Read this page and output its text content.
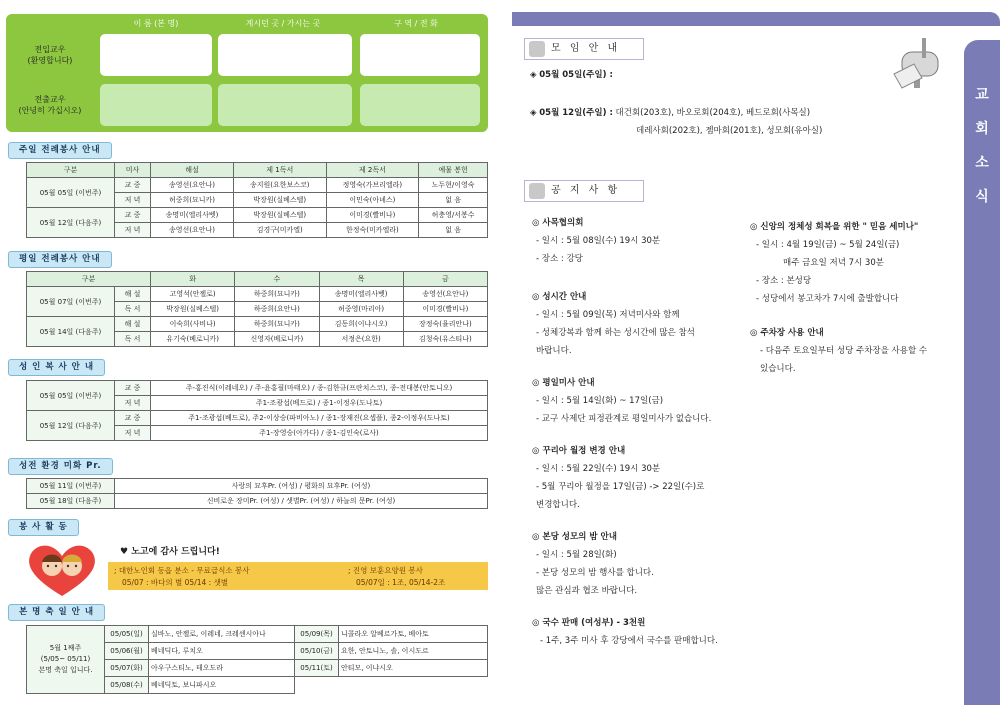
이 름 (본 명)	계시던 곳 / 가시는 곳	구 역 / 전 화
전입교우
(환영합니다)
전출교우
(안녕히 가십시오)
주일 전례봉사 안내
구분	미사	해설	제 1독서	제 2독서	예물 봉헌
05월 05일 (이번주)	교 중	송영선(요안나)	송지원(요한보스코)	정영숙(가브리엘라)	노두현/이영숙
	저 녁	허중희(묘니카)	박장원(실베스텔)	이민숙(아녜스)	없 음
05월 12일 (다음주)	교 중	송명미(엘리사벳)	박장원(실베스텔)	이미경(빨비나)	허충영/서봉수
	저 녁	송영선(요안나)	김경구(미카엘)	한정숙(미카엘라)	없 음
평일 전례봉사 안내
구분		화	수	목	금
05월 07일 (이번주)	해 설	고영석(안젤로)	하중희(묘니카)	송명미(엘리사벳)	송영선(요안나)
	독 서	박장원(실베스텔)	하중희(요안나)	허중영(마리아)	이미경(빨비나)
05월 14일 (다음주)	해 설	이숙희(사비나)	하중희(묘니카)	김동희(이냐시오)	장정숙(율리안나)
	독 서	유기숙(베로니카)	신영자(베로니카)	서정은(요한)	김청숙(유스티나)
성 인 복 사 안 내
05월 05일 (이번주)	교 중	주-홍진식(이레네오) / 주-윤홍필(마태오) / 종-김한규(프란치스코), 종-전대봉(안토니오)
	저 녁	주1-조광섭(베드로) / 종1-이정우(도나토)
05월 12일 (다음주)	교 중	주1-조광섭(베드로), 주2-이상승(파비아노) / 종1-장재진(요셉플), 종2-이정우(도나토)
	저 녁	주1-장영승(아가다) / 종1-김인숙(로사)
성전 환경 미화 Pr.
05월 11일 (이번주)	사랑의 묘후Pr. (여성) / 평화의 묘후Pr. (여성)
05월 18일 (다음주)	신비로운 장미Pr. (여성) / 샛별Pr. (여성) / 하늘의 문Pr. (여성)
봉 사 활 동
♥ 노고에 감사 드립니다!
; 대한노인회 동읍 분소 - 무료급식소 봉사	; 진영 보훈요양원 봉사
05/07 : 바다의 별 05/14 : 샛별	05/07일 : 1조, 05/14-2조
본 명 축 일 안 내
5월 1째주
(5/05~ 05/11)
본명 축일 입니다.	05/05(일)	실바노, 안젤로, 이레네, 크레센시아나	05/09(목)	니콜라오 알베르가토, 베아토
	05/06(월)	베네딕다, 루치오	05/10(금)	요한, 안토니노, 솔, 이시도르
	05/07(화)	아우구스티노, 테오도라	05/11(토)	안티모, 이냐시오
	05/08(수)	베네딕토, 보니파시오		
교
회
소
식
모 임 안 내
◈ 05월 05일(주일) :
◈ 05월 12일(주일) : 대건회(203호), 바오로회(204호), 베드로회(사목실)
데레사회(202호), 젬마회(201호), 성모회(유아실)
공 지 사 항
◎ 사목협의회
- 일시 : 5월 08일(수) 19시 30분
- 장소 : 강당
◎ 성시간 안내
- 일시 : 5월 09일(목) 저녁미사와 함께
- 성체강복과 함께 하는 성시간에 많은 참석
바랍니다.
◎ 평일미사 안내
- 일시 : 5월 14일(화) ~ 17일(금)
- 교구 사제단 피정관계로 평일미사가 없습니다.
◎ 꾸리아 월정 변경 안내
- 일시 : 5월 22일(수) 19시 30분
- 5월 꾸리아 월정을 17일(금) -> 22일(수)로
변경합니다.
◎ 본당 성모의 밤 안내
- 일시 : 5월 28일(화)
- 본당 성모의 밤 행사를 합니다.
많은 관심과 협조 바랍니다.
◎ 국수 판매 (여성부) - 3천원
- 1주, 3주 미사 후 강당에서 국수를 판매합니다.
◎ 신앙의 정체성 회복을 위한 " 믿음 세미나"
- 일시 : 4월 19일(금) ~ 5월 24일(금)
매주 금요일 저녁 7시 30분
- 장소 : 본성당
- 성당에서 봉고차가 7시에 출발합니다
◎ 주차장 사용 안내
- 다음주 토요일부터 성당 주차장을 사용할 수
있습니다.
